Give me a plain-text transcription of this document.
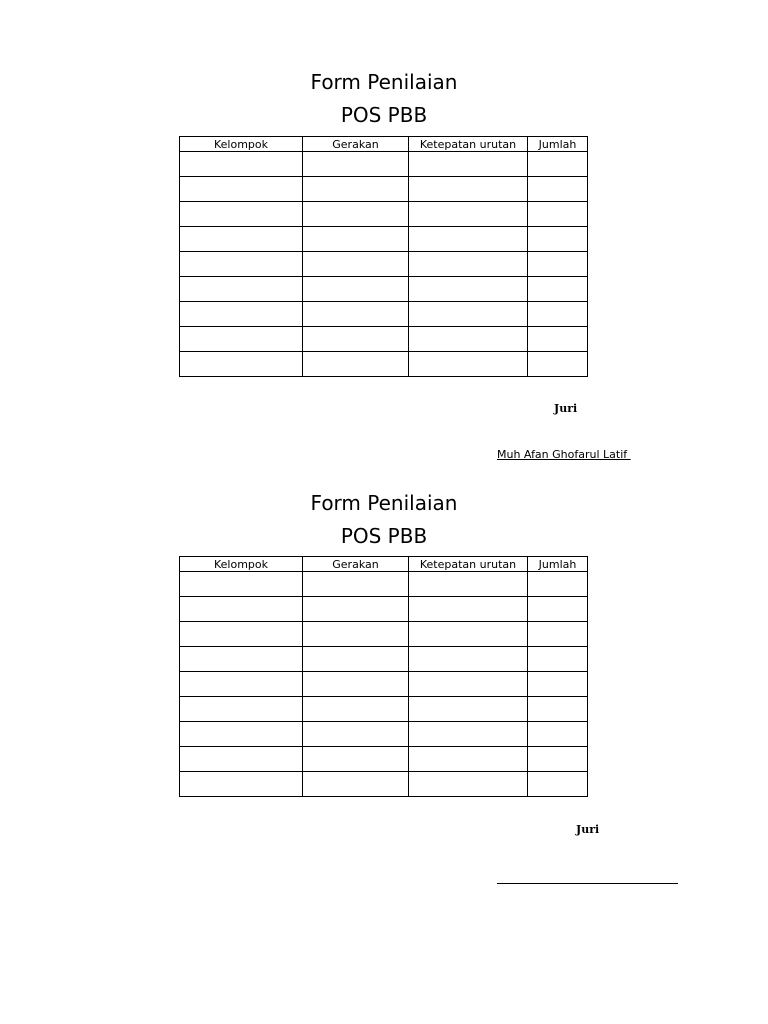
Form Penilaian
POS PBB
Kelompok	Gerakan	Ketepatan urutan	Jumlah

Juri

Muh Afan Ghofarul Latif

Form Penilaian
POS PBB
Kelompok	Gerakan	Ketepatan urutan	Jumlah

Juri
